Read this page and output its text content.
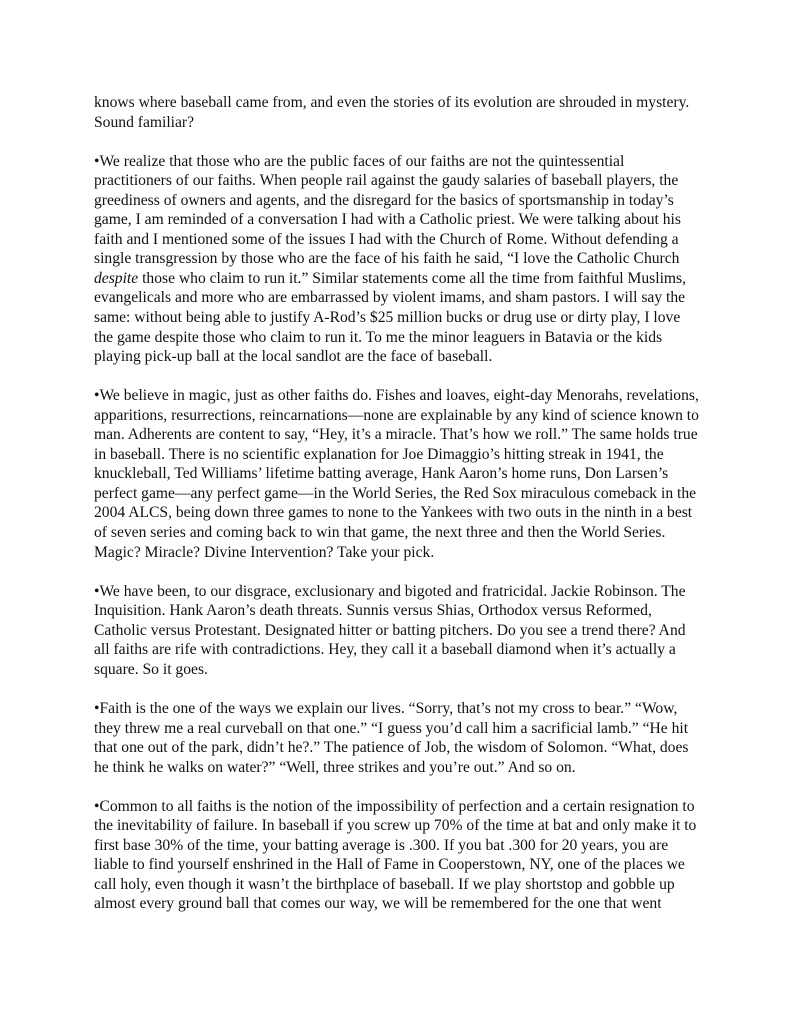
knows where baseball came from, and even the stories of its evolution are shrouded in mystery.
Sound familiar?

•We realize that those who are the public faces of our faiths are not the quintessential
practitioners of our faiths. When people rail against the gaudy salaries of baseball players, the
greediness of owners and agents, and the disregard for the basics of sportsmanship in today’s
game, I am reminded of a conversation I had with a Catholic priest. We were talking about his
faith and I mentioned some of the issues I had with the Church of Rome. Without defending a
single transgression by those who are the face of his faith he said, “I love the Catholic Church
despite those who claim to run it.” Similar statements come all the time from faithful Muslims,
evangelicals and more who are embarrassed by violent imams, and sham pastors. I will say the
same: without being able to justify A-Rod’s $25 million bucks or drug use or dirty play, I love
the game despite those who claim to run it. To me the minor leaguers in Batavia or the kids
playing pick-up ball at the local sandlot are the face of baseball.

•We believe in magic, just as other faiths do. Fishes and loaves, eight-day Menorahs, revelations,
apparitions, resurrections, reincarnations—none are explainable by any kind of science known to
man. Adherents are content to say, “Hey, it’s a miracle. That’s how we roll.” The same holds true
in baseball. There is no scientific explanation for Joe Dimaggio’s hitting streak in 1941, the
knuckleball, Ted Williams’ lifetime batting average, Hank Aaron’s home runs, Don Larsen’s
perfect game—any perfect game—in the World Series, the Red Sox miraculous comeback in the
2004 ALCS, being down three games to none to the Yankees with two outs in the ninth in a best
of seven series and coming back to win that game, the next three and then the World Series.
Magic? Miracle? Divine Intervention? Take your pick.

•We have been, to our disgrace, exclusionary and bigoted and fratricidal. Jackie Robinson. The
Inquisition. Hank Aaron’s death threats. Sunnis versus Shias, Orthodox versus Reformed,
Catholic versus Protestant. Designated hitter or batting pitchers. Do you see a trend there? And
all faiths are rife with contradictions. Hey, they call it a baseball diamond when it’s actually a
square. So it goes.

•Faith is the one of the ways we explain our lives. “Sorry, that’s not my cross to bear.” “Wow,
they threw me a real curveball on that one.” “I guess you’d call him a sacrificial lamb.” “He hit
that one out of the park, didn’t he?.” The patience of Job, the wisdom of Solomon. “What, does
he think he walks on water?” “Well, three strikes and you’re out.” And so on.

•Common to all faiths is the notion of the impossibility of perfection and a certain resignation to
the inevitability of failure. In baseball if you screw up 70% of the time at bat and only make it to
first base 30% of the time, your batting average is .300. If you bat .300 for 20 years, you are
liable to find yourself enshrined in the Hall of Fame in Cooperstown, NY, one of the places we
call holy, even though it wasn’t the birthplace of baseball. If we play shortstop and gobble up
almost every ground ball that comes our way, we will be remembered for the one that went
